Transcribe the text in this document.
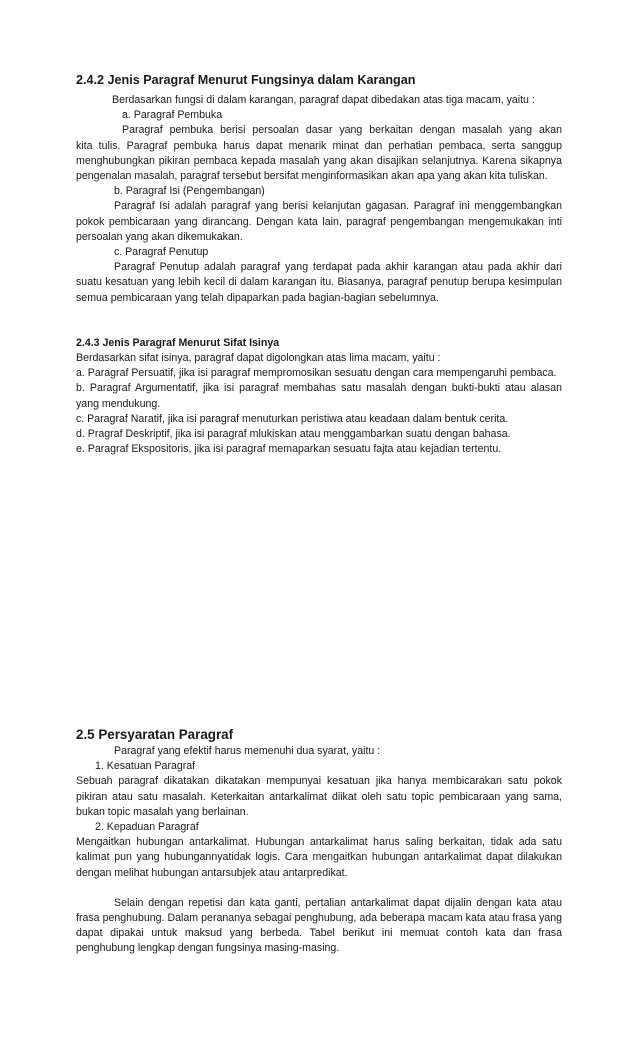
2.4.2 Jenis Paragraf Menurut Fungsinya dalam Karangan

Berdasarkan fungsi di dalam karangan, paragraf dapat dibedakan atas tiga macam, yaitu :

a. Paragraf Pembuka

Paragraf pembuka berisi persoalan dasar yang berkaitan dengan masalah yang akan

kita tulis. Paragraf pembuka harus dapat menarik minat dan perhatian pembaca, serta sanggup menghubungkan pikiran pembaca kepada masalah yang akan disajikan selanjutnya. Karena sikapnya pengenalan masalah, paragraf tersebut bersifat menginformasikan akan apa yang akan kita tuliskan.

b. Paragraf Isi (Pengembangan)

Paragraf Isi adalah paragraf yang berisi kelanjutan gagasan. Paragraf ini menggembangkan pokok pembicaraan yang dirancang. Dengan kata lain, paragraf pengembangan mengemukakan inti persoalan yang akan dikemukakan.

c. Paragraf Penutup

Paragraf Penutup adalah paragraf yang terdapat pada akhir karangan atau pada akhir dari suatu kesatuan yang lebih kecil di dalam karangan itu. Biasanya, paragraf penutup berupa kesimpulan semua pembicaraan yang telah dipaparkan pada bagian-bagian sebelumnya.

2.4.3 Jenis Paragraf Menurut Sifat Isinya

Berdasarkan sifat isinya, paragraf dapat digolongkan atas lima macam, yaitu :

a. Paragraf Persuatif, jika isi paragraf mempromosikan sesuatu dengan cara mempengaruhi pembaca.

b. Paragraf Argumentatif, jika isi paragraf membahas satu masalah dengan bukti-bukti atau alasan yang mendukung.

c. Paragraf Naratif, jika isi paragraf menuturkan peristiwa atau keadaan dalam bentuk cerita.

d. Pragraf Deskriptif, jika isi paragraf mlukiskan atau menggambarkan suatu dengan bahasa.

e. Paragraf Ekspositoris, jika isi paragraf memaparkan sesuatu fajta atau kejadian tertentu.

2.5 Persyaratan Paragraf

Paragraf yang efektif harus memenuhi dua syarat, yaitu :

1. Kesatuan Paragraf

Sebuah paragraf dikatakan dikatakan mempunyai kesatuan jika hanya membicarakan satu pokok pikiran atau satu masalah. Keterkaitan antarkalimat diikat oleh satu topic pembicaraan yang sama, bukan topic masalah yang berlainan.

2. Kepaduan Paragraf

Mengaitkan hubungan antarkalimat. Hubungan antarkalimat harus saling berkaitan, tidak ada satu kalimat pun yang hubungannyatidak logis. Cara mengaitkan hubungan antarkalimat dapat dilakukan dengan melihat hubungan antarsubjek atau antarpredikat.

Selain dengan repetisi dan kata ganti, pertalian antarkalimat dapat dijalin dengan kata atau frasa penghubung. Dalam perananya sebagai penghubung, ada beberapa macam kata atau frasa yang dapat dipakai untuk maksud yang berbeda. Tabel berikut ini memuat contoh kata dan frasa penghubung lengkap dengan fungsinya masing-masing.
